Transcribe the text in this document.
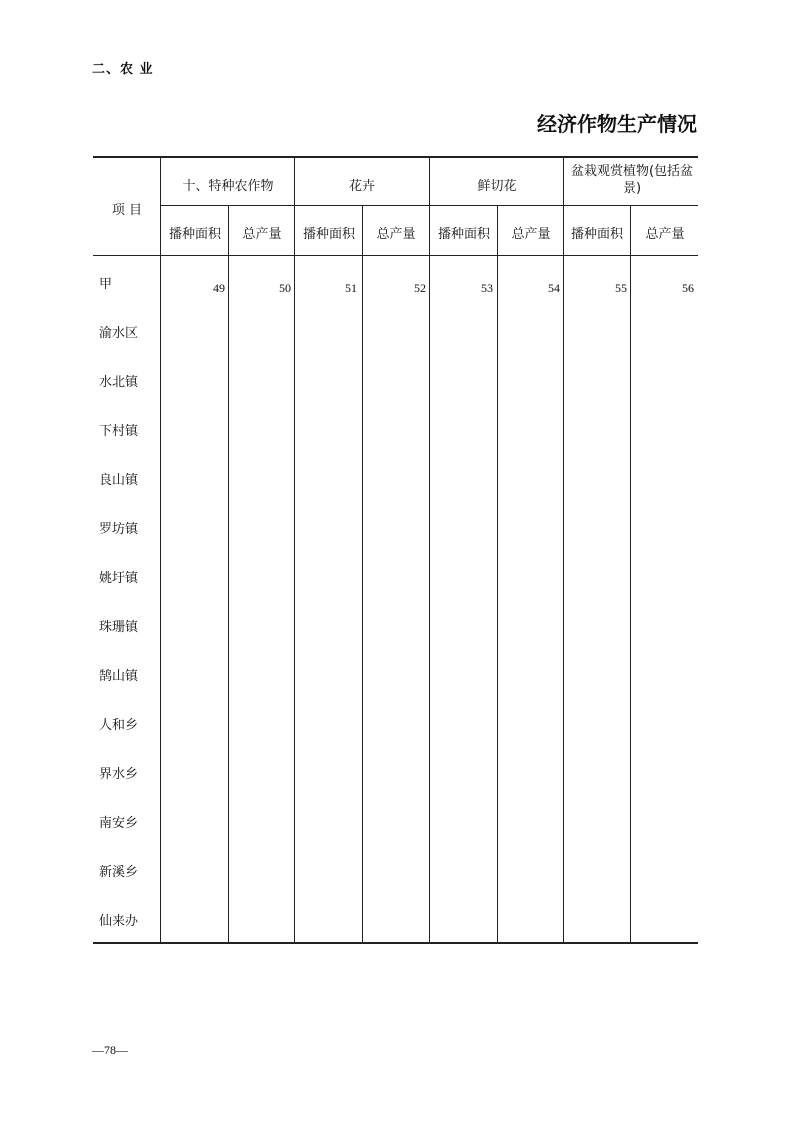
二、农 业
经济作物生产情况
项 目
十、特种农作物	花卉	鲜切花
盆栽观赏植物(包括盆景)
播种面积 总产量 播种面积 总产量 播种面积 总产量 播种面积 总产量
甲	49	50	51	52	53	54	55	56
渝水区
水北镇
下村镇
良山镇
罗坊镇
姚圩镇
珠珊镇
鹄山镇
人和乡
界水乡
南安乡
新溪乡
仙来办
—78—
